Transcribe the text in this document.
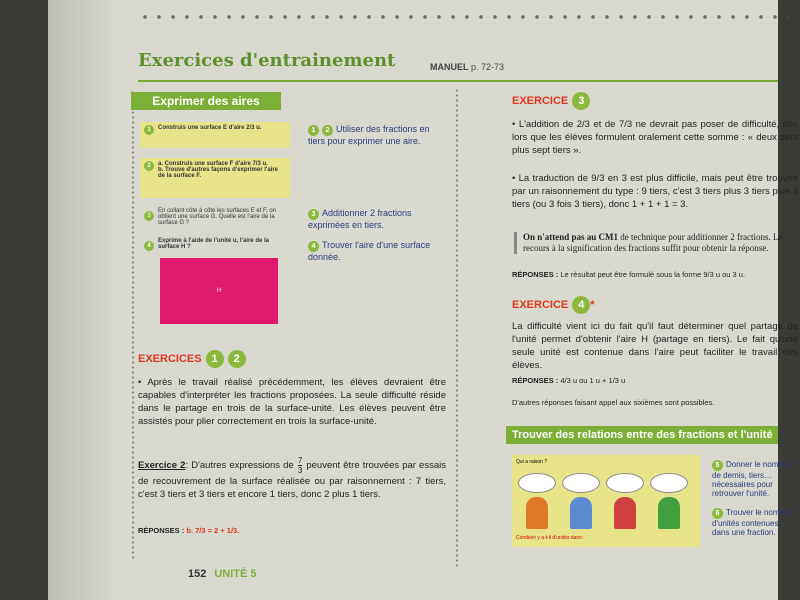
Exercices d'entrainement	MANUEL p. 72-73
Exprimer des aires
1	Construis une surface E d'aire 2/3 u.
2	a. Construis une surface F d'aire 7/3 u.
b. Trouve d'autres façons d'exprimer l'aire de la surface F.
3
En collant côte à côte les surfaces E et F, on obtient une surface G. Quelle est l'aire de la surface G ?
4
Exprime à l'aide de l'unité u, l'aire de la surface H ?
H
1 2 Utiliser des fractions en tiers pour exprimer une aire.
3 Additionner 2 fractions exprimées en tiers.
4 Trouver l'aire d'une surface donnée.
EXERCICES 1 2
• Après le travail réalisé précédemment, les élèves devraient être capables d'interpréter les fractions proposées. La seule difficulté réside dans le partage en trois de la surface-unité. Les élèves peuvent être assistés pour plier correctement en trois la surface-unité.
Exercice 2: D'autres expressions de $\frac{7}{3}$ peuvent être trouvées par essais de recouvrement de la surface réalisée ou par raisonnement : 7 tiers, c'est 3 tiers et 3 tiers et encore 1 tiers, donc 2 plus 1 tiers.
RÉPONSES : b. 7/3 = 2 + 1/3.
EXERCICE 3
• L'addition de 2/3 et de 7/3 ne devrait pas poser de difficulté, dès lors que les élèves formulent oralement cette somme : « deux tiers plus sept tiers ».
• La traduction de 9/3 en 3 est plus difficile, mais peut être trouvée par un raisonnement du type : 9 tiers, c'est 3 tiers plus 3 tiers plus 3 tiers (ou 3 fois 3 tiers), donc 1 + 1 + 1 = 3.
On n'attend pas au CM1 de technique pour additionner 2 fractions. Le recours à la signification des fractions suffit pour obtenir la réponse.
RÉPONSES : Le résultat peut être formulé sous la forme 9/3 u ou 3 u.
EXERCICE 4 *
La difficulté vient ici du fait qu'il faut déterminer quel partage de l'unité permet d'obtenir l'aire H (partage en tiers). Le fait qu'une seule unité est contenue dans l'aire peut faciliter le travail des élèves.
RÉPONSES : 4/3 u ou 1 u + 1/3 u
D'autres réponses faisant appel aux sixièmes sont possibles.
Trouver des relations entre des fractions et l'unité
Qui a raison ?
Combien y a-t-il d'unités dans :
5 Donner le nombre de demis, tiers… nécessaires pour retrouver l'unité.
6 Trouver le nombre d'unités contenues dans une fraction.
152 UNITÉ 5
